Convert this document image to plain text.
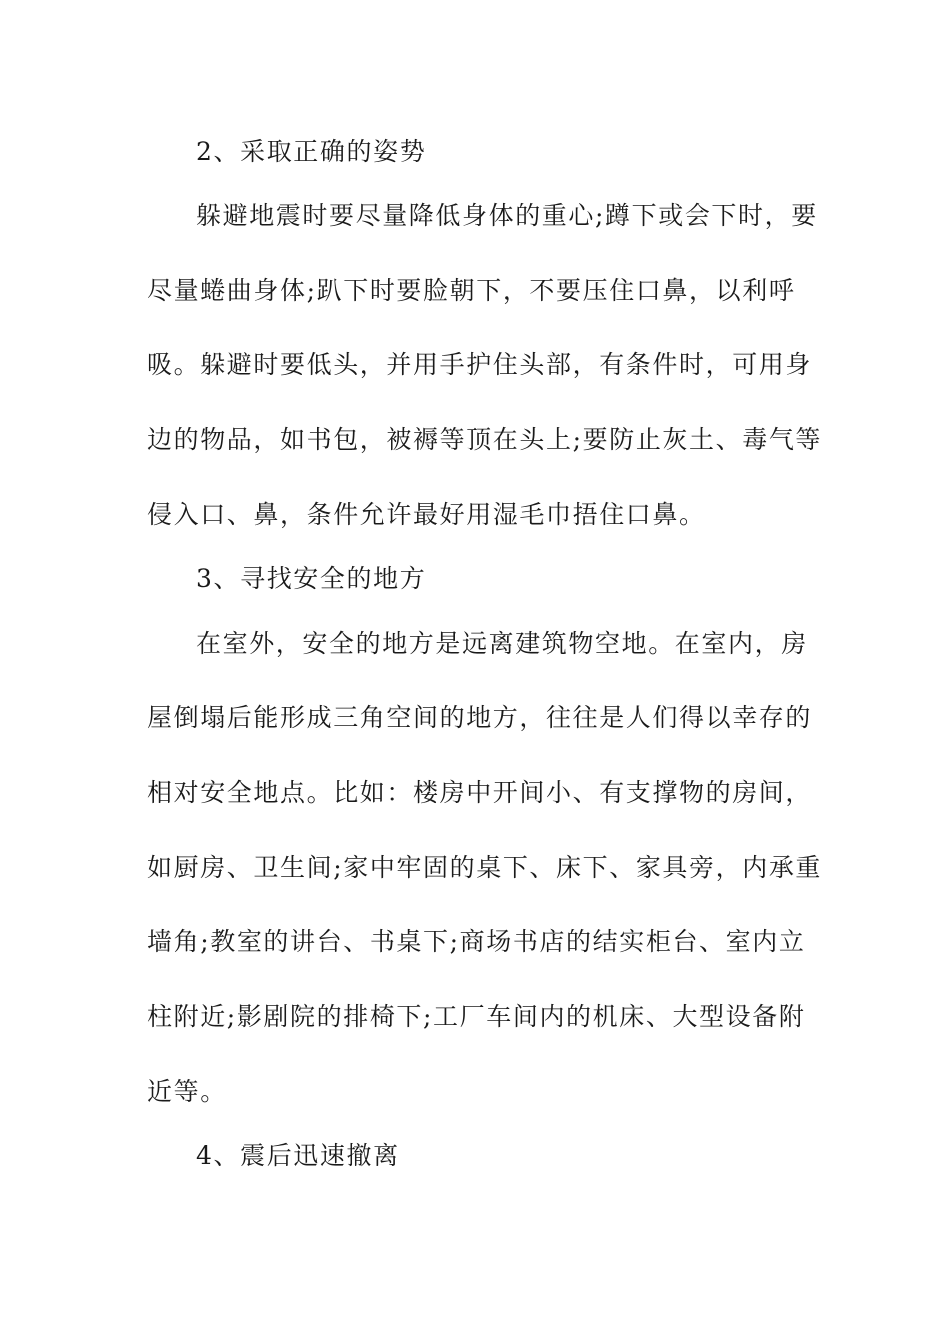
2、采取正确的姿势
躲避地震时要尽量降低身体的重心;蹲下或会下时，要
尽量蜷曲身体;趴下时要脸朝下，不要压住口鼻，以利呼
吸。躲避时要低头，并用手护住头部，有条件时，可用身
边的物品，如书包，被褥等顶在头上;要防止灰土、毒气等
侵入口、鼻，条件允许最好用湿毛巾捂住口鼻。
3、寻找安全的地方
在室外，安全的地方是远离建筑物空地。在室内，房
屋倒塌后能形成三角空间的地方，往往是人们得以幸存的
相对安全地点。比如：楼房中开间小、有支撑物的房间，
如厨房、卫生间;家中牢固的桌下、床下、家具旁，内承重
墙角;教室的讲台、书桌下;商场书店的结实柜台、室内立
柱附近;影剧院的排椅下;工厂车间内的机床、大型设备附
近等。
4、震后迅速撤离
